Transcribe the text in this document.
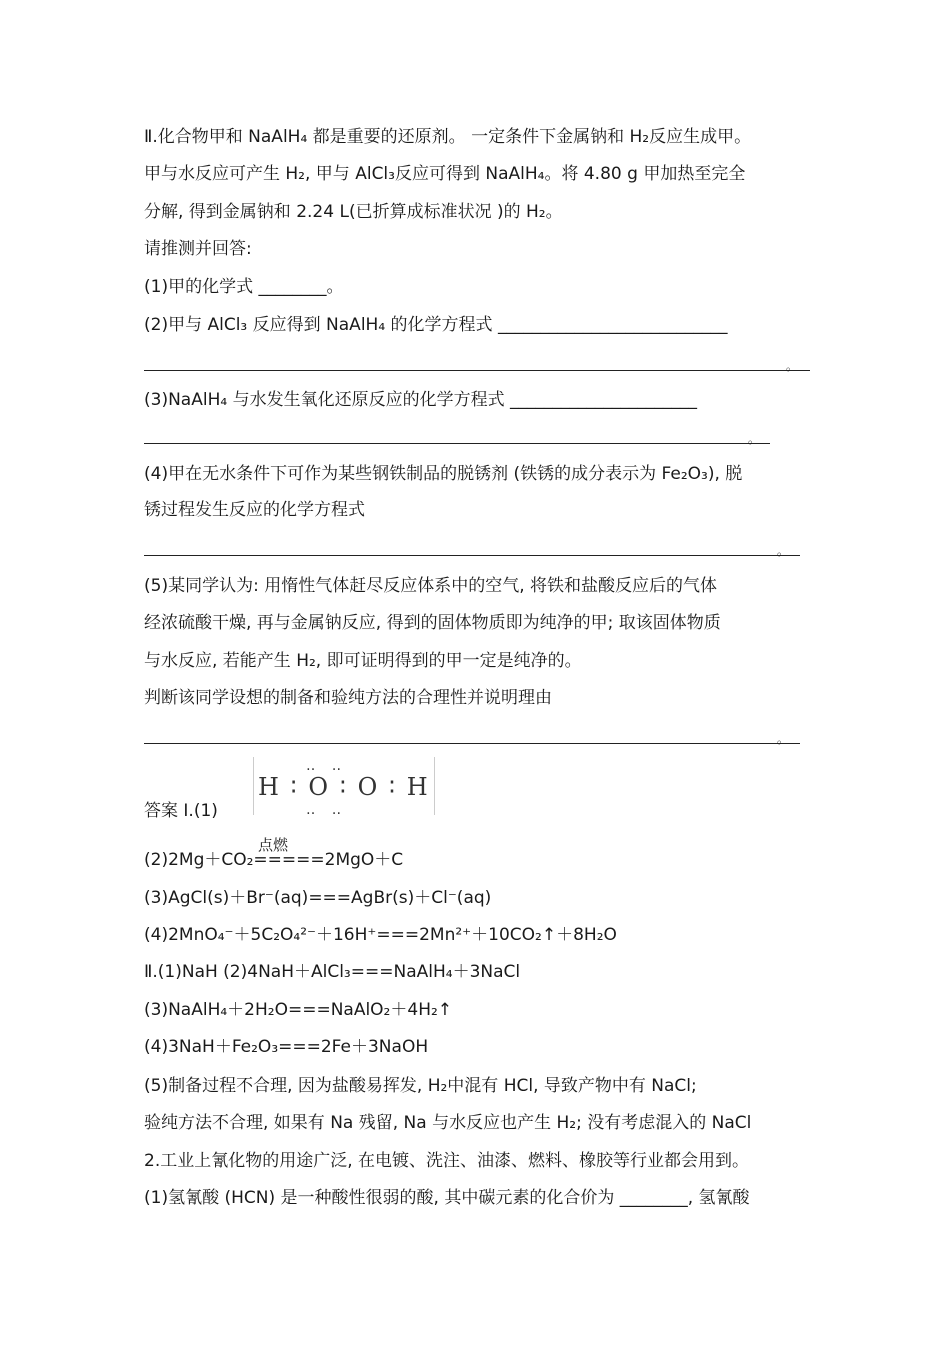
Ⅱ.化合物甲和 NaAlH₄ 都是重要的还原剂。 一定条件下金属钠和 H₂反应生成甲。
甲与水反应可产生 H₂, 甲与 AlCl₃反应可得到 NaAlH₄。将 4.80 g 甲加热至完全
分解, 得到金属钠和 2.24 L(已折算成标准状况 )的 H₂。
请推测并回答:
(1)甲的化学式 ________。
(2)甲与 AlCl₃ 反应得到 NaAlH₄ 的化学方程式 ___________________________
。
(3)NaAlH₄ 与水发生氧化还原反应的化学方程式 ______________________
。
(4)甲在无水条件下可作为某些钢铁制品的脱锈剂 (铁锈的成分表示为 Fe₂O₃), 脱
锈过程发生反应的化学方程式
。
(5)某同学认为: 用惰性气体赶尽反应体系中的空气, 将铁和盐酸反应后的气体
经浓硫酸干燥, 再与金属钠反应, 得到的固体物质即为纯净的甲; 取该固体物质
与水反应, 若能产生 H₂, 即可证明得到的甲一定是纯净的。
判断该同学设想的制备和验纯方法的合理性并说明理由
。
答案 Ⅰ.(1)
‥ ‥
H ∶ O ∶ O ∶ H
‥ ‥
点燃
(2)2Mg＋CO₂=====2MgO＋C
(3)AgCl(s)＋Br⁻(aq)===AgBr(s)＋Cl⁻(aq)
(4)2MnO₄⁻＋5C₂O₄²⁻＋16H⁺===2Mn²⁺＋10CO₂↑＋8H₂O
Ⅱ.(1)NaH (2)4NaH＋AlCl₃===NaAlH₄＋3NaCl
(3)NaAlH₄＋2H₂O===NaAlO₂＋4H₂↑
(4)3NaH＋Fe₂O₃===2Fe＋3NaOH
(5)制备过程不合理, 因为盐酸易挥发, H₂中混有 HCl, 导致产物中有 NaCl;
验纯方法不合理, 如果有 Na 残留, Na 与水反应也产生 H₂; 没有考虑混入的 NaCl
2.工业上氰化物的用途广泛, 在电镀、洗注、油漆、燃料、橡胶等行业都会用到。
(1)氢氰酸 (HCN) 是一种酸性很弱的酸, 其中碳元素的化合价为 ________, 氢氰酸
